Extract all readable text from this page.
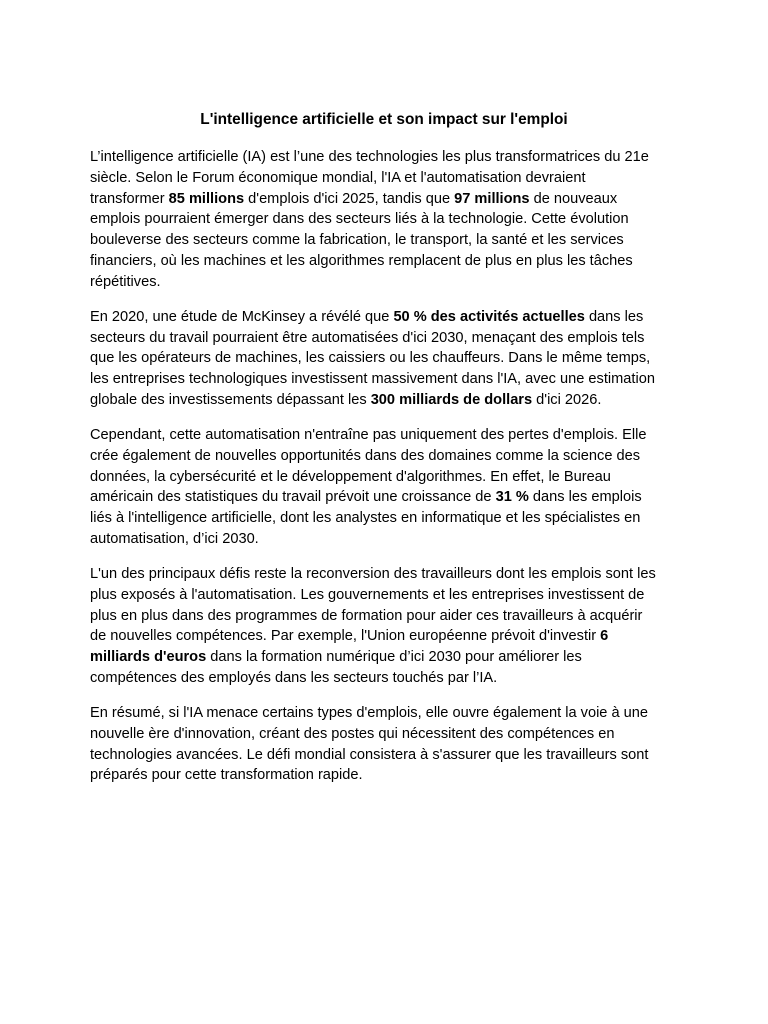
L'intelligence artificielle et son impact sur l'emploi

L’intelligence artificielle (IA) est l’une des technologies les plus transformatrices du 21e
siècle. Selon le Forum économique mondial, l'IA et l'automatisation devraient
transformer 85 millions d'emplois d'ici 2025, tandis que 97 millions de nouveaux
emplois pourraient émerger dans des secteurs liés à la technologie. Cette évolution
bouleverse des secteurs comme la fabrication, le transport, la santé et les services
financiers, où les machines et les algorithmes remplacent de plus en plus les tâches
répétitives.

En 2020, une étude de McKinsey a révélé que 50 % des activités actuelles dans les
secteurs du travail pourraient être automatisées d'ici 2030, menaçant des emplois tels
que les opérateurs de machines, les caissiers ou les chauffeurs. Dans le même temps,
les entreprises technologiques investissent massivement dans l'IA, avec une estimation
globale des investissements dépassant les 300 milliards de dollars d'ici 2026.

Cependant, cette automatisation n'entraîne pas uniquement des pertes d'emplois. Elle
crée également de nouvelles opportunités dans des domaines comme la science des
données, la cybersécurité et le développement d'algorithmes. En effet, le Bureau
américain des statistiques du travail prévoit une croissance de 31 % dans les emplois
liés à l'intelligence artificielle, dont les analystes en informatique et les spécialistes en
automatisation, d’ici 2030.

L'un des principaux défis reste la reconversion des travailleurs dont les emplois sont les
plus exposés à l'automatisation. Les gouvernements et les entreprises investissent de
plus en plus dans des programmes de formation pour aider ces travailleurs à acquérir
de nouvelles compétences. Par exemple, l'Union européenne prévoit d'investir 6
milliards d'euros dans la formation numérique d’ici 2030 pour améliorer les
compétences des employés dans les secteurs touchés par l’IA.

En résumé, si l'IA menace certains types d'emplois, elle ouvre également la voie à une
nouvelle ère d'innovation, créant des postes qui nécessitent des compétences en
technologies avancées. Le défi mondial consistera à s'assurer que les travailleurs sont
préparés pour cette transformation rapide.
